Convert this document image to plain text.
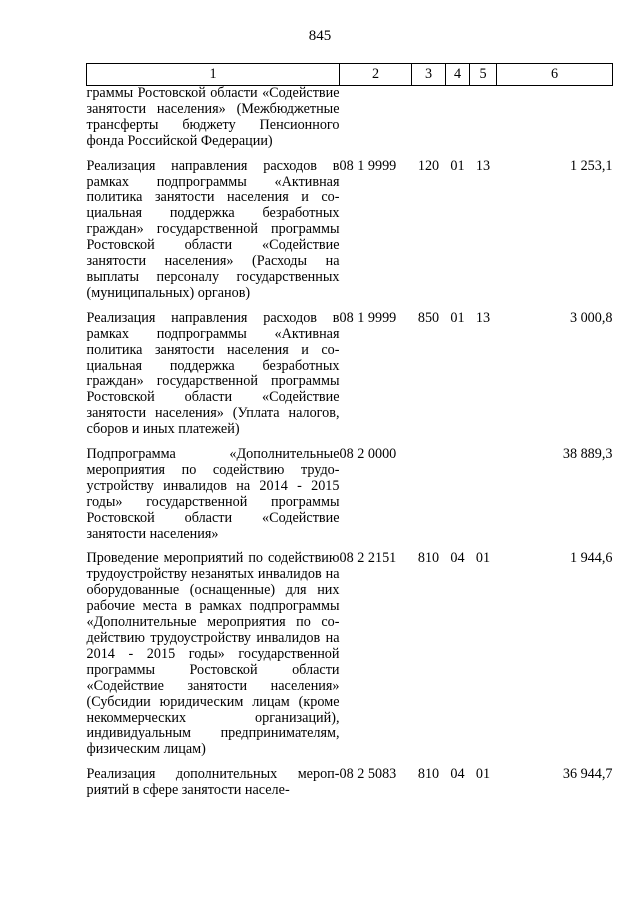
845
1	2	3	4	5	6
граммы Ростовской области «Содействие занятости населения» (Межбюджетные трансферты бюджету Пенсионного фонда Российской Федерации)					

Реализация направления расходов в рамках подпрограммы «Активная политика занятости населения и социальная поддержка безработных граждан» государственной программы Ростовской области «Содействие занятости населения» (Расходы на выплаты персоналу государственных (муниципальных) органов)	08 1 9999	120	01	13	1 253,1

Реализация направления расходов в рамках подпрограммы «Активная политика занятости населения и социальная поддержка безработных граждан» государственной программы Ростовской области «Содействие занятости населения» (Уплата налогов, сборов и иных платежей)	08 1 9999	850	01	13	3 000,8

Подпрограмма «Дополнительные мероприятия по содействию трудоустройству инвалидов на 2014 - 2015 годы» государственной программы Ростовской области «Содействие занятости населения»	08 2 0000				38 889,3

Проведение мероприятий по содействию трудоустройству незанятых инвалидов на оборудованные (оснащенные) для них рабочие места в рамках подпрограммы «Дополнительные мероприятия по содействию трудоустройству инвалидов на 2014 - 2015 годы» государственной программы Ростовской области «Содействие занятости населения» (Субсидии юридическим лицам (кроме некоммерческих организаций), индивидуальным предпринимателям, физическим лицам)	08 2 2151	810	04	01	1 944,6

Реализация дополнительных мероприятий в сфере занятости населе-	08 2 5083	810	04	01	36 944,7
